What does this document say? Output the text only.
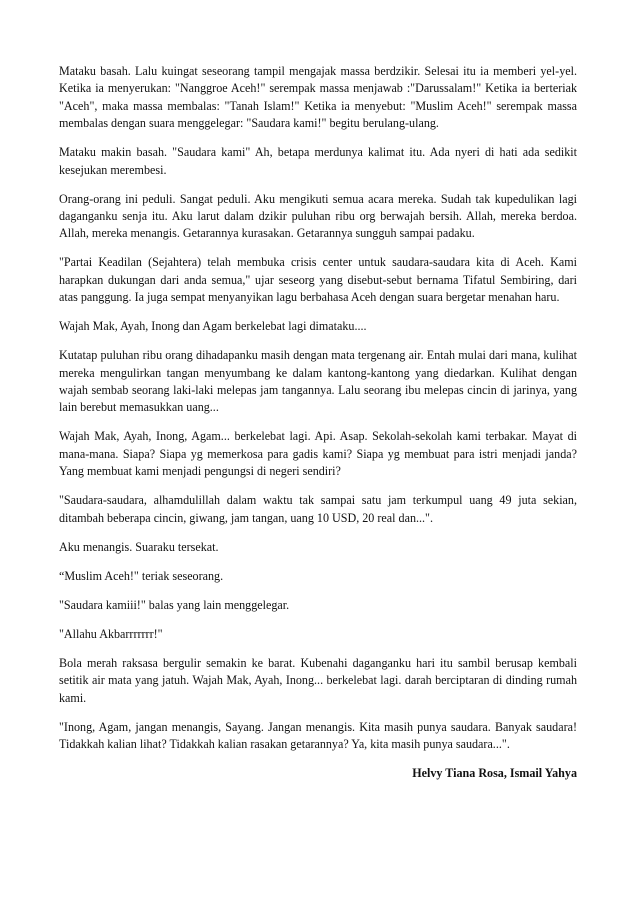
Mataku basah. Lalu kuingat seseorang tampil mengajak massa berdzikir. Selesai itu ia memberi yel-yel. Ketika ia menyerukan: "Nanggroe Aceh!" serempak massa menjawab :"Darussalam!" Ketika ia berteriak "Aceh", maka massa membalas: "Tanah Islam!" Ketika ia menyebut: "Muslim Aceh!" serempak massa membalas dengan suara menggelegar: "Saudara kami!" begitu berulang-ulang.

Mataku makin basah. "Saudara kami" Ah, betapa merdunya kalimat itu. Ada nyeri di hati ada sedikit kesejukan merembesi.

Orang-orang ini peduli. Sangat peduli. Aku mengikuti semua acara mereka. Sudah tak kupedulikan lagi daganganku senja itu. Aku larut dalam dzikir puluhan ribu org berwajah bersih. Allah, mereka berdoa. Allah, mereka menangis. Getarannya kurasakan. Getarannya sungguh sampai padaku.

"Partai Keadilan (Sejahtera) telah membuka crisis center untuk saudara-saudara kita di Aceh. Kami harapkan dukungan dari anda semua," ujar seseorg yang disebut-sebut bernama Tifatul Sembiring, dari atas panggung. Ia juga sempat menyanyikan lagu berbahasa Aceh dengan suara bergetar menahan haru.

Wajah Mak, Ayah, Inong dan Agam berkelebat lagi dimataku....

Kutatap puluhan ribu orang dihadapanku masih dengan mata tergenang air. Entah mulai dari mana, kulihat mereka mengulirkan tangan menyumbang ke dalam kantong-kantong yang diedarkan. Kulihat dengan wajah sembab seorang laki-laki melepas jam tangannya. Lalu seorang ibu melepas cincin di jarinya, yang lain berebut memasukkan uang...

Wajah Mak, Ayah, Inong, Agam... berkelebat lagi. Api. Asap. Sekolah-sekolah kami terbakar. Mayat di mana-mana. Siapa? Siapa yg memerkosa para gadis kami? Siapa yg membuat para istri menjadi janda? Yang membuat kami menjadi pengungsi di negeri sendiri?

"Saudara-saudara, alhamdulillah dalam waktu tak sampai satu jam terkumpul uang 49 juta sekian, ditambah beberapa cincin, giwang, jam tangan, uang 10 USD, 20 real dan...".

Aku menangis. Suaraku tersekat.

“Muslim Aceh!" teriak seseorang.

"Saudara kamiii!" balas yang lain menggelegar.

"Allahu Akbarrrrrrr!"

Bola merah raksasa bergulir semakin ke barat. Kubenahi daganganku hari itu sambil berusap kembali setitik air mata yang jatuh. Wajah Mak, Ayah, Inong... berkelebat lagi. darah berciptaran di dinding rumah kami.

"Inong, Agam, jangan menangis, Sayang. Jangan menangis. Kita masih punya saudara. Banyak saudara! Tidakkah kalian lihat? Tidakkah kalian rasakan getarannya? Ya, kita masih punya saudara...".

Helvy Tiana Rosa, Ismail Yahya
